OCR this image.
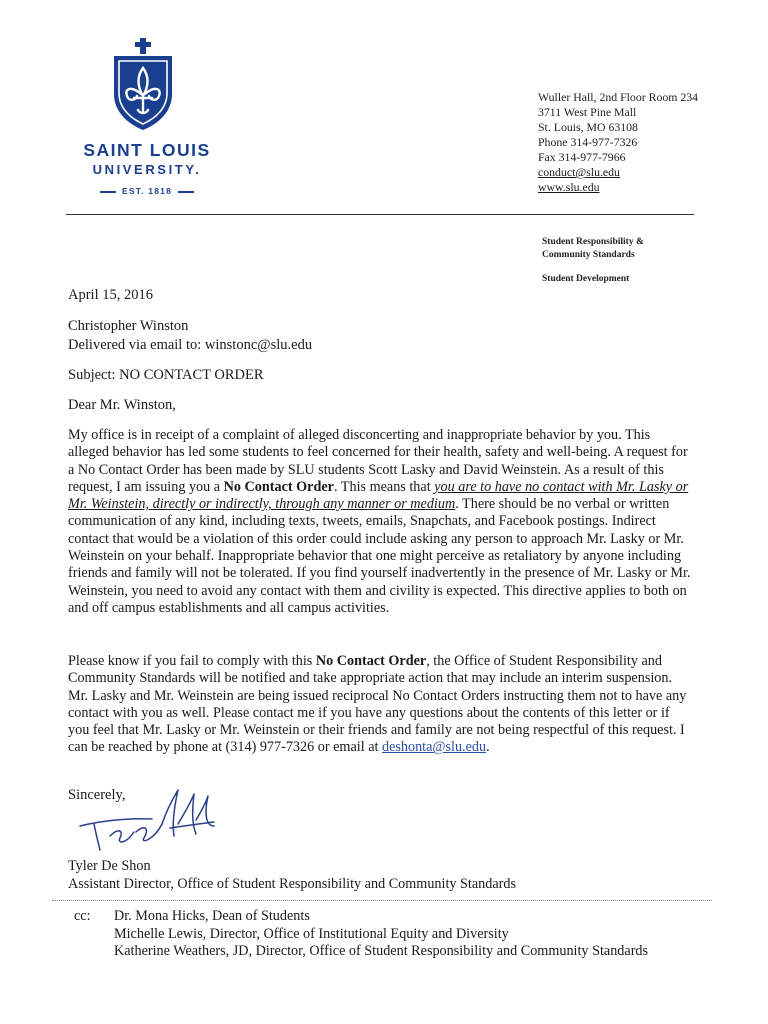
SAINT LOUIS
UNIVERSITY.
EST. 1818
Wuller Hall, 2nd Floor Room 234
3711 West Pine Mall
St. Louis, MO 63108
Phone 314-977-7326
Fax 314-977-7966
conduct@slu.edu
www.slu.edu
Student Responsibility &
Community Standards
Student Development
April 15, 2016
Christopher Winston
Delivered via email to: winstonc@slu.edu
Subject: NO CONTACT ORDER
Dear Mr. Winston,
My office is in receipt of a complaint of alleged disconcerting and inappropriate behavior by you. This alleged behavior has led some students to feel concerned for their health, safety and well-being. A request for a No Contact Order has been made by SLU students Scott Lasky and David Weinstein. As a result of this request, I am issuing you a No Contact Order. This means that you are to have no contact with Mr. Lasky or Mr. Weinstein, directly or indirectly, through any manner or medium. There should be no verbal or written communication of any kind, including texts, tweets, emails, Snapchats, and Facebook postings. Indirect contact that would be a violation of this order could include asking any person to approach Mr. Lasky or Mr. Weinstein on your behalf. Inappropriate behavior that one might perceive as retaliatory by anyone including friends and family will not be tolerated. If you find yourself inadvertently in the presence of Mr. Lasky or Mr. Weinstein, you need to avoid any contact with them and civility is expected. This directive applies to both on and off campus establishments and all campus activities.
Please know if you fail to comply with this No Contact Order, the Office of Student Responsibility and Community Standards will be notified and take appropriate action that may include an interim suspension. Mr. Lasky and Mr. Weinstein are being issued reciprocal No Contact Orders instructing them not to have any contact with you as well. Please contact me if you have any questions about the contents of this letter or if you feel that Mr. Lasky or Mr. Weinstein or their friends and family are not being respectful of this request. I can be reached by phone at (314) 977-7326 or email at deshonta@slu.edu.
Sincerely,
Tyler De Shon
Assistant Director, Office of Student Responsibility and Community Standards
cc: Dr. Mona Hicks, Dean of Students
Michelle Lewis, Director, Office of Institutional Equity and Diversity
Katherine Weathers, JD, Director, Office of Student Responsibility and Community Standards
